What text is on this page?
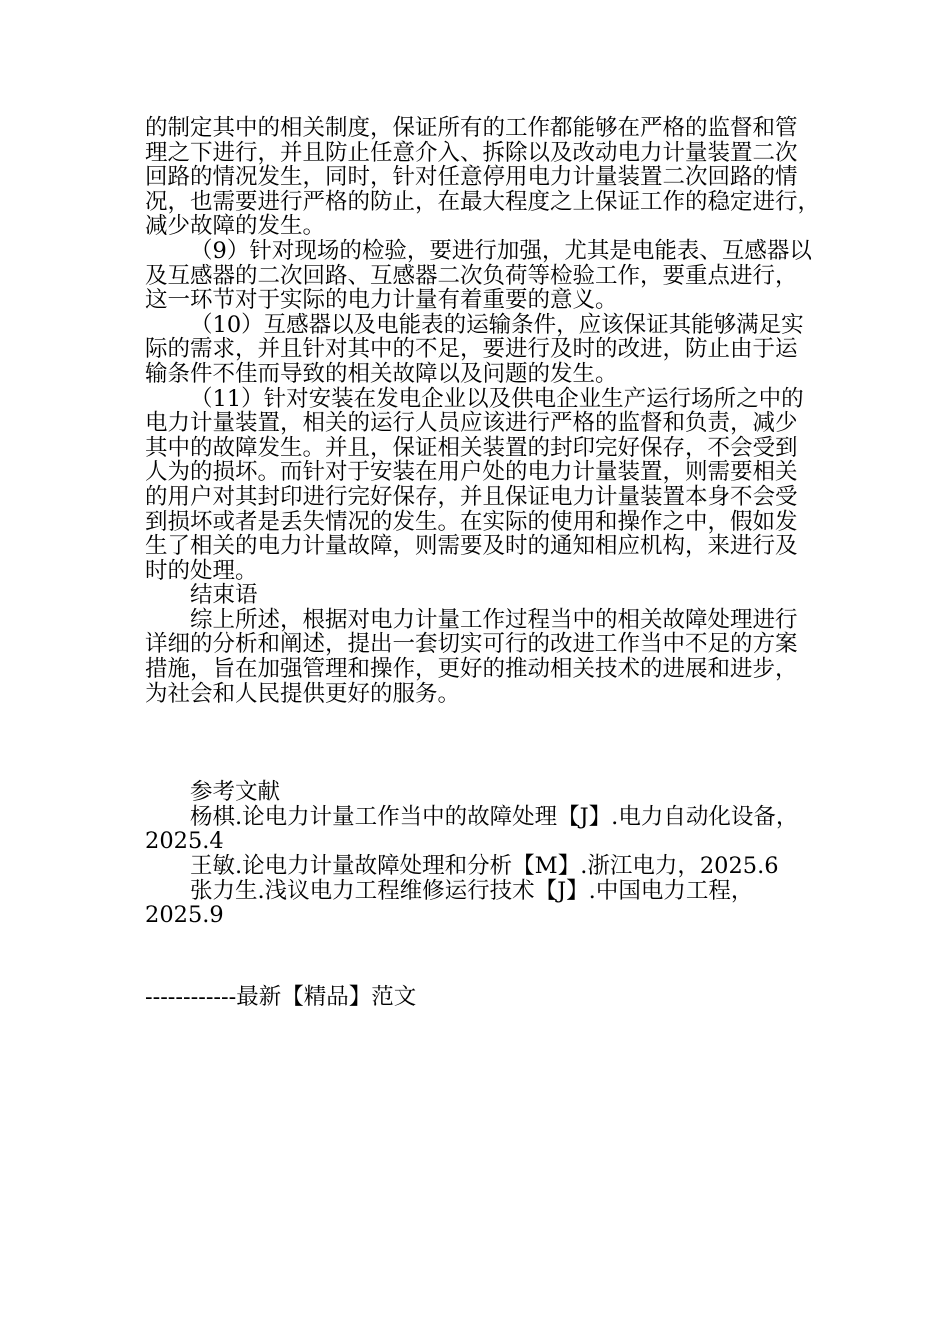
的制定其中的相关制度，保证所有的工作都能够在严格的监督和管
理之下进行，并且防止任意介入、拆除以及改动电力计量装置二次
回路的情况发生，同时，针对任意停用电力计量装置二次回路的情
况，也需要进行严格的防止，在最大程度之上保证工作的稳定进行，
减少故障的发生。
（9）针对现场的检验，要进行加强，尤其是电能表、互感器以
及互感器的二次回路、互感器二次负荷等检验工作，要重点进行，
这一环节对于实际的电力计量有着重要的意义。
（10）互感器以及电能表的运输条件，应该保证其能够满足实
际的需求，并且针对其中的不足，要进行及时的改进，防止由于运
输条件不佳而导致的相关故障以及问题的发生。
（11）针对安装在发电企业以及供电企业生产运行场所之中的
电力计量装置，相关的运行人员应该进行严格的监督和负责，减少
其中的故障发生。并且，保证相关装置的封印完好保存，不会受到
人为的损坏。而针对于安装在用户处的电力计量装置，则需要相关
的用户对其封印进行完好保存，并且保证电力计量装置本身不会受
到损坏或者是丢失情况的发生。在实际的使用和操作之中，假如发
生了相关的电力计量故障，则需要及时的通知相应机构，来进行及
时的处理。
结束语
综上所述，根据对电力计量工作过程当中的相关故障处理进行
详细的分析和阐述，提出一套切实可行的改进工作当中不足的方案
措施，旨在加强管理和操作，更好的推动相关技术的进展和进步，
为社会和人民提供更好的服务。
参考文献
杨棋.论电力计量工作当中的故障处理【J】.电力自动化设备，
2025.4
王敏.论电力计量故障处理和分析【M】.浙江电力，2025.6
张力生.浅议电力工程维修运行技术【J】.中国电力工程，
2025.9
------------最新【精品】范文
